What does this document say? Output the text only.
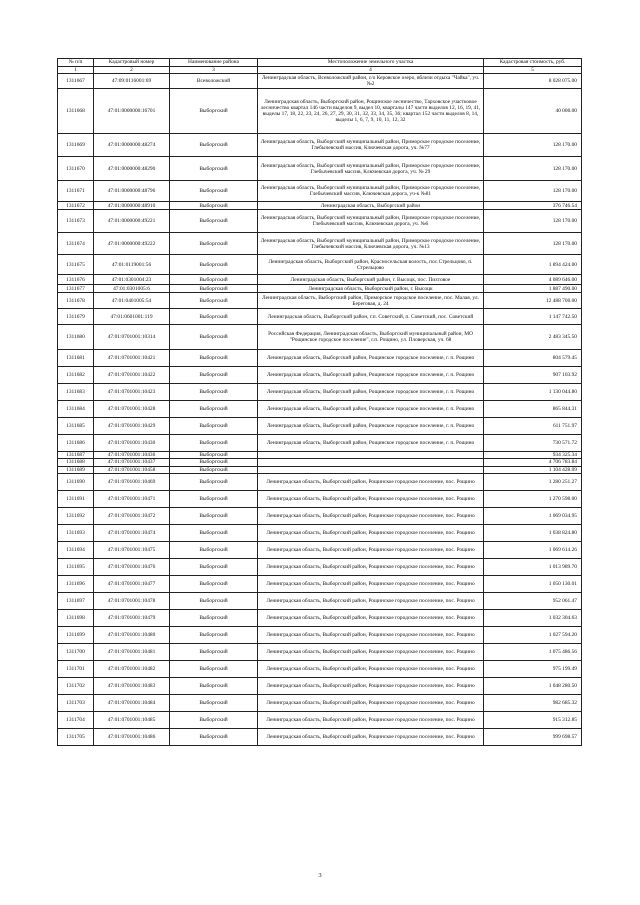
№ п/п	Кадастровый номер	Наименование района	Местоположение земельного участка	Кадастровая стоимость, руб.
1	2	3	4	5
1311667	47:09:0116001:69	Всеволожский	Ленинградская область, Всеволожский район, с/о Керовское озеро, вблизи отдыха "Чайка", уч.№2	8 028 075.00
1311668	47:01:0000000:16701	Выборгский	Ленинградская область, Выборгский район, Рощинское лесничество, Тарховское участковое лесничество квартал 146 части выделов 9, выдел 10, кварталы 147 части выделов 12, 16, 19, 41, выделы 17, 18, 22, 23, 24, 26, 27, 29, 30, 31, 32, 33, 34, 35, 36; квартал 152 части выделов 8, 14, выделы 1, 6, 7, 9, 10, 11, 12, 32	40 000.00
1311669	47:01:0000000:48274	Выборгский	Ленинградская область, Выборгский муниципальный район, Приморское городское поселение, Глебычевский массив, Ключевская дорога, уч. №77	128 170.00
1311670	47:01:0000000:48290	Выборгский	Ленинградская область, Выборгский муниципальный район, Приморское городское поселение, Глебычевский массив, Ключевская дорога, уч. № 29	128 170.00
1311671	47:01:0000000:48796	Выборгский	Ленинградская область, Выборгский муниципальный район, Приморское городское поселение, Глебычевский массив, Ключевская дорога, уч-к №81	128 170.00
1311672	47:01:0000000:48910	Выборгский	Ленинградская область, Выборгский район	376 746.54
1311673	47:01:0000000:49221	Выборгский	Ленинградская область, Выборгский муниципальный район, Приморское городское поселение, Глебычевский массив, Ключевская дорога, уч. №6	128 170.00
1311674	47:01:0000000:49222	Выборгский	Ленинградская область, Выборгский муниципальный район, Приморское городское поселение, Глебычевский массив, Ключевская дорога, уч. №13	128 170.00
1311675	47:01:0119001:56	Выборгский	Ленинградская область, Выборгский район, Красносельская волость, пос.Стрельцово, п. Стрельцово	1 894 424.00
1311676	47:01:0301004:23	Выборгский	Ленинградская область, Выборгский район, г. Высоцк, пос. Пихтовое	4 089 646.00
1311677	47:01:0301005:6	Выборгский	Ленинградская область, Выборгский район, г. Высоцк	1 887 490.00
1311678	47:01:0401005:54	Выборгский	Ленинградская область, Выборгский район, Приморское городское поселение, пос. Малая, ул. Береговая, д. 24	12 488 700.00
1311679	47:01:0601001:119	Выборгский	Ленинградская область, Выборгский район, г.п. Советский, п. Советский, пос. Советский	1 147 742.50
1311680	47:01:0701001:10314	Выборгский	Российская Федерация, Ленинградская область, Выборгский муниципальный район, МО "Рощинское городское поселение", г.п. Рощино, ул. Пловерская, уч. 68	2 483 345.50
1311681	47:01:0701001:10421	Выборгский	Ленинградская область, Выборгский район, Рощинское городское поселение, г. п. Рощино	804 579.45
1311682	47:01:0701001:10422	Выборгский	Ленинградская область, Выборгский район, Рощинское городское поселение, г. п. Рощино	907 103.92
1311683	47:01:0701001:10423	Выборгский	Ленинградская область, Выборгский район, Рощинское городское поселение, г. п. Рощино	1 130 044.80
1311684	47:01:0701001:10428	Выборгский	Ленинградская область, Выборгский район, Рощинское городское поселение, г. п. Рощино	865 844.31
1311685	47:01:0701001:10429	Выборгский	Ленинградская область, Выборгский район, Рощинское городское поселение, г. п. Рощино	611 751.97
1311686	47:01:0701001:10430	Выборгский	Ленинградская область, Выборгский район, Рощинское городское поселение, г. п. Рощино	730 571.72
1311687	47:01:0701001:10436	Выборгский		934 325.34
1311688	47:01:0701001:10437	Выборгский		4 706 783.84
1311689	47:01:0701001:10458	Выборгский		1 104 428.09
1311690	47:01:0701001:10469	Выборгский	Ленинградская область, Выборгский район, Рощинское городское поселение, пос. Рощино	1 280 251.27
1311691	47:01:0701001:10471	Выборгский	Ленинградская область, Выборгский район, Рощинское городское поселение, пос. Рощино	1 270 598.00
1311692	47:01:0701001:10472	Выборгский	Ленинградская область, Выборгский район, Рощинское городское поселение, пос. Рощино	1 069 034.95
1311693	47:01:0701001:10474	Выборгский	Ленинградская область, Выборгский район, Рощинское городское поселение, пос. Рощино	1 038 824.80
1311694	47:01:0701001:10475	Выборгский	Ленинградская область, Выборгский район, Рощинское городское поселение, пос. Рощино	1 069 614.26
1311695	47:01:0701001:10476	Выборгский	Ленинградская область, Выборгский район, Рощинское городское поселение, пос. Рощино	1 013 989.70
1311696	47:01:0701001:10477	Выборгский	Ленинградская область, Выборгский район, Рощинское городское поселение, пос. Рощино	1 050 130.01
1311697	47:01:0701001:10478	Выборгский	Ленинградская область, Выборгский район, Рощинское городское поселение, пос. Рощино	952 061.47
1311698	47:01:0701001:10479	Выборгский	Ленинградская область, Выборгский район, Рощинское городское поселение, пос. Рощино	1 032 304.63
1311699	47:01:0701001:10480	Выборгский	Ленинградская область, Выборгский район, Рощинское городское поселение, пос. Рощино	1 027 594.20
1311700	47:01:0701001:10481	Выборгский	Ленинградская область, Выборгский район, Рощинское городское поселение, пос. Рощино	1 075 486.56
1311701	47:01:0701001:10482	Выборгский	Ленинградская область, Выборгский район, Рощинское городское поселение, пос. Рощино	975 199.49
1311702	47:01:0701001:10483	Выборгский	Ленинградская область, Выборгский район, Рощинское городское поселение, пос. Рощино	1 048 280.50
1311703	47:01:0701001:10484	Выборгский	Ленинградская область, Выборгский район, Рощинское городское поселение, пос. Рощино	982 685.32
1311704	47:01:0701001:10485	Выборгский	Ленинградская область, Выборгский район, Рощинское городское поселение, пос. Рощино	915 312.85
1311705	47:01:0701001:10486	Выборгский	Ленинградская область, Выборгский район, Рощинское городское поселение, пос. Рощино	999 698.57
3
